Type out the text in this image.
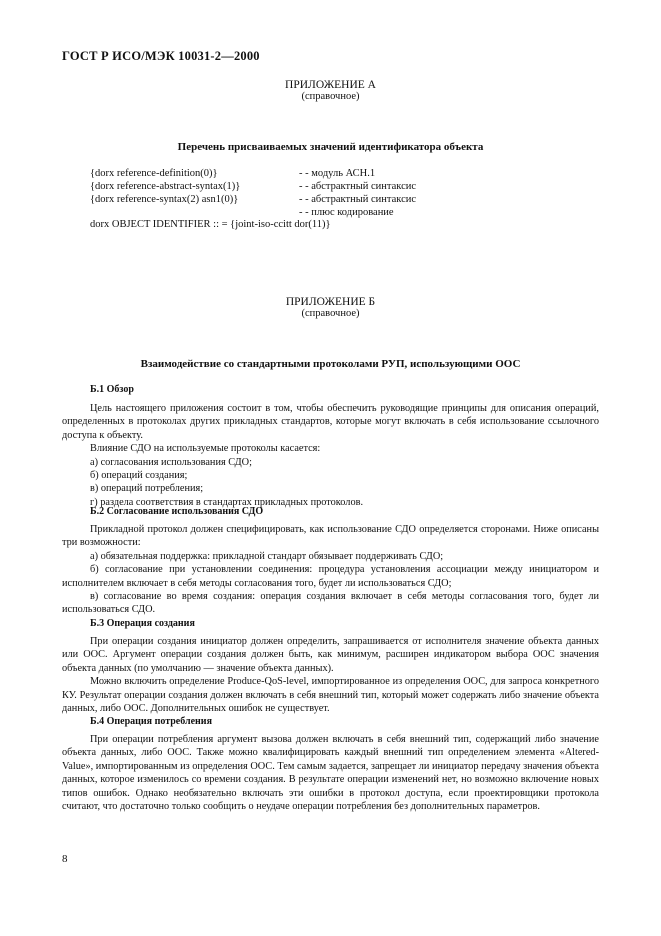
ГОСТ Р ИСО/МЭК 10031-2—2000
ПРИЛОЖЕНИЕ А
(справочное)
Перечень присваиваемых значений идентификатора объекта
{dorx reference-definition(0)}	- - модуль АСН.1
{dorx reference-abstract-syntax(1)}	- - абстрактный синтаксис
{dorx reference-syntax(2) asn1(0)}	- - абстрактный синтаксис
- - плюс кодирование
dorx OBJECT IDENTIFIER :: = {joint-iso-ccitt dor(11)}
ПРИЛОЖЕНИЕ Б
(справочное)
Взаимодействие со стандартными протоколами РУП, использующими ООС
Б.1 Обзор

Цель настоящего приложения состоит в том, чтобы обеспечить руководящие принципы для описания операций, определенных в протоколах других прикладных стандартов, которые могут включать в себя использование ссылочного доступа к объекту.

Влияние СДО на используемые протоколы касается:

а) согласования использования СДО;

б) операций создания;

в) операций потребления;

г) раздела соответствия в стандартах прикладных протоколов.

Б.2 Согласование использования СДО

Прикладной протокол должен специфицировать, как использование СДО определяется сторонами. Ниже описаны три возможности:

а) обязательная поддержка: прикладной стандарт обязывает поддерживать СДО;

б) согласование при установлении соединения: процедура установления ассоциации между инициатором и исполнителем включает в себя методы согласования того, будет ли использоваться СДО;

в) согласование во время создания: операция создания включает в себя методы согласования того, будет ли использоваться СДО.

Б.3 Операция создания

При операции создания инициатор должен определить, запрашивается от исполнителя значение объекта данных или ООС. Аргумент операции создания должен быть, как минимум, расширен индикатором выбора ООС значения объекта данных (по умолчанию — значение объекта данных).

Можно включить определение Produce-QoS-level, импортированное из определения ООС, для запроса конкретного КУ. Результат операции создания должен включать в себя внешний тип, который может содержать либо значение объекта данных, либо ООС. Дополнительных ошибок не существует.

Б.4 Операция потребления

При операции потребления аргумент вызова должен включать в себя внешний тип, содержащий либо значение объекта данных, либо ООС. Также можно квалифицировать каждый внешний тип определением элемента «Altered-Value», импортированным из определения ООС. Тем самым задается, запрещает ли инициатор передачу значения объекта данных, которое изменилось со времени создания. В результате операции изменений нет, но возможно включение новых типов ошибок. Однако необязательно включать эти ошибки в протокол доступа, если проектировщики протокола считают, что достаточно только сообщить о неудаче операции потребления без дополнительных параметров.

8
